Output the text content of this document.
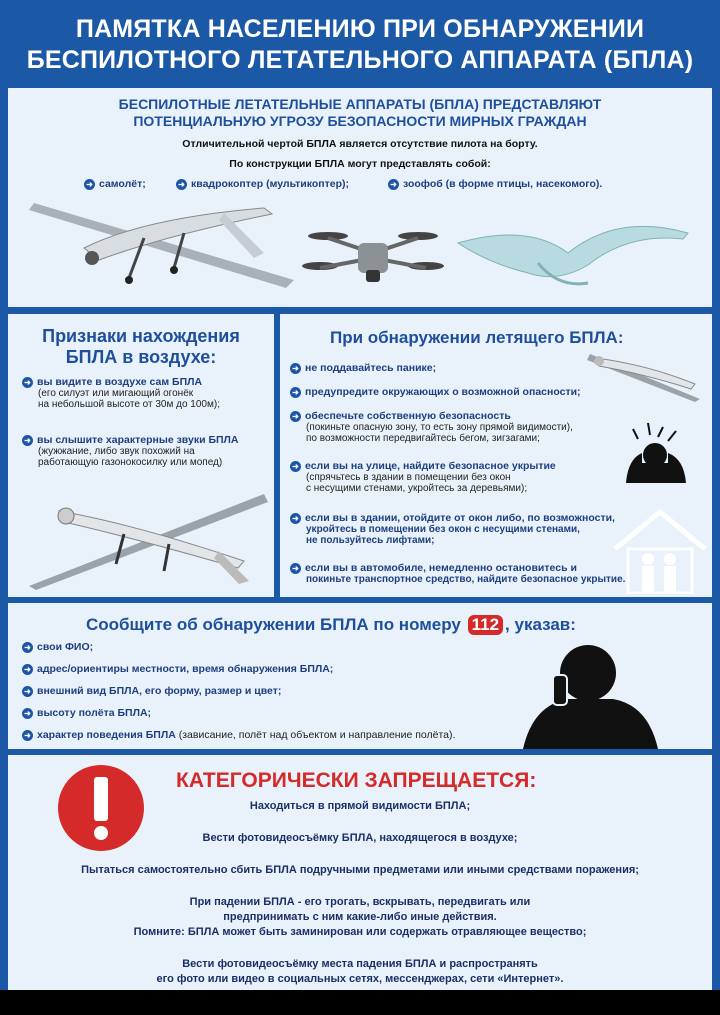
ПАМЯТКА НАСЕЛЕНИЮ ПРИ ОБНАРУЖЕНИИ
БЕСПИЛОТНОГО ЛЕТАТЕЛЬНОГО АППАРАТА (БПЛА)
БЕСПИЛОТНЫЕ ЛЕТАТЕЛЬНЫЕ АППАРАТЫ (БПЛА) ПРЕДСТАВЛЯЮТ
ПОТЕНЦИАЛЬНУЮ УГРОЗУ БЕЗОПАСНОСТИ МИРНЫХ ГРАЖДАН
Отличительной чертой БПЛА является отсутствие пилота на борту.
По конструкции БПЛА могут представлять собой:
➜ самолёт;	➜ квадрокоптер (мультикоптер);	➜ зоофоб (в форме птицы, насекомого).
Признаки нахождения
БПЛА в воздухе:
➜ вы видите в воздухе сам БПЛА
(его силуэт или мигающий огонёк
на небольшой высоте от 30м до 100м);
➜ вы слышите характерные звуки БПЛА
(жужжание, либо звук похожий на
работающую газонокосилку или мопед)
При обнаружении летящего БПЛА:
➜ не поддавайтесь панике;
➜ предупредите окружающих о возможной опасности;
➜ обеспечьте собственную безопасность
(покиньте опасную зону, то есть зону прямой видимости),
по возможности передвигайтесь бегом, зигзагами;
➜ если вы на улице, найдите безопасное укрытие
(спрячьтесь в здании в помещении без окон
с несущими стенами, укройтесь за деревьями);
➜ если вы в здании, отойдите от окон либо, по возможности,
укройтесь в помещении без окон с несущими стенами,
не пользуйтесь лифтами;
➜ если вы в автомобиле, немедленно остановитесь и
покиньте транспортное средство, найдите безопасное укрытие.
Сообщите об обнаружении БПЛА по номеру 112 , указав:
➜ свои ФИО;
➜ адрес/ориентиры местности, время обнаружения БПЛА;
➜ внешний вид БПЛА, его форму, размер и цвет;
➜ высоту полёта БПЛА;
➜ характер поведения БПЛА (зависание, полёт над объектом и направление полёта).
КАТЕГОРИЧЕСКИ ЗАПРЕЩАЕТСЯ:
Находиться в прямой видимости БПЛА;
Вести фотовидеосъёмку БПЛА, находящегося в воздухе;
Пытаться самостоятельно сбить БПЛА подручными предметами или иными средствами поражения;
При падении БПЛА - его трогать, вскрывать, передвигать или
предпринимать с ним какие-либо иные действия.
Помните: БПЛА может быть заминирован или содержать отравляющее вещество;
Вести фотовидеосъёмку места падения БПЛА и распространять
его фото или видео в социальных сетях, мессенджерах, сети «Интернет».
